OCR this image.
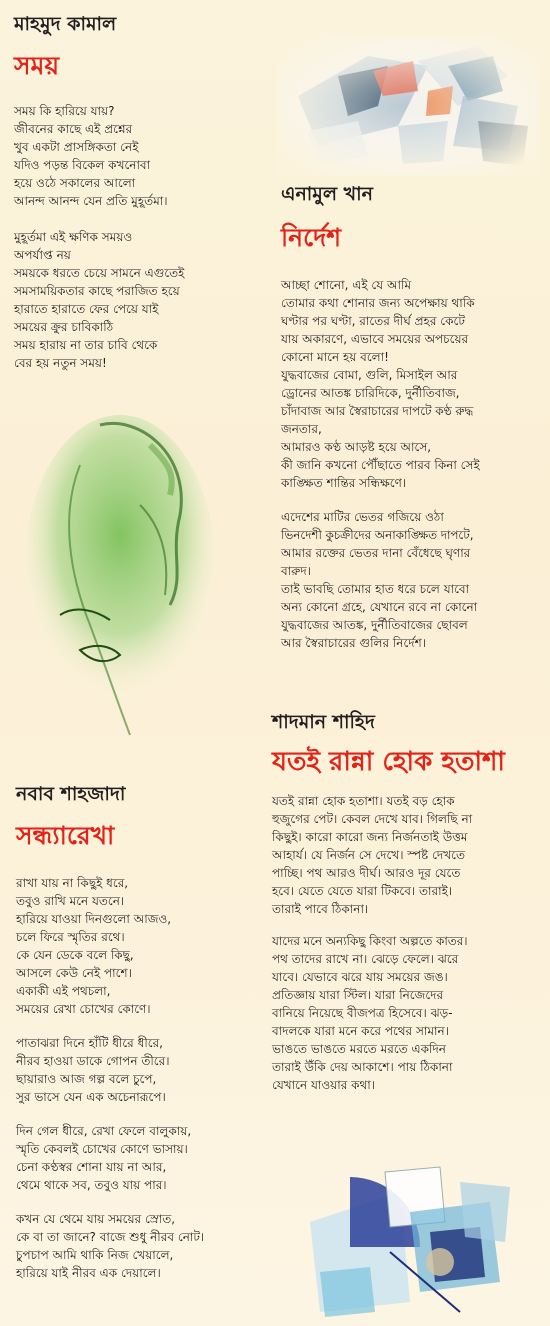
মাহমুদ কামাল
সময়

সময় কি হারিয়ে যায়?
জীবনের কাছে এই প্রশ্নের
খুব একটা প্রাসঙ্গিকতা নেই
যদিও পড়ন্ত বিকেল কখনোবা
হয়ে ওঠে সকালের আলো
আনন্দ আনন্দ যেন প্রতি মুহূর্তমা।

মুহূর্তমা এই ক্ষণিক সময়ও
অপর্যাপ্ত নয়
সময়কে ধরতে চেয়ে সামনে এগুতেই
সমসাময়িকতার কাছে পরাজিত হয়ে
হারাতে হারাতে ফের পেয়ে যাই
সময়ের ক্রুর চাবিকাঠি
সময় হারায় না তার চাবি থেকে
বের হয় নতুন সময়!

এনামুল খান
নির্দেশ

আচ্ছা শোনো, এই যে আমি
তোমার কথা শোনার জন্য অপেক্ষায় থাকি
ঘণ্টার পর ঘণ্টা, রাতের দীর্ঘ প্রহর কেটে
যায় অকারণে, এভাবে সময়ের অপচয়ের
কোনো মানে হয় বলো!
যুদ্ধবাজের বোমা, গুলি, মিসাইল আর
ড্রোনের আতঙ্ক চারিদিকে, দুর্নীতিবাজ,
চাঁদাবাজ আর স্বৈরাচারের দাপটে কণ্ঠ রুদ্ধ
জনতার,
আমারও কণ্ঠ আড়ষ্ট হয়ে আসে,
কী জানি কখনো পৌঁছাতে পারব কিনা সেই
কাঙ্ক্ষিত শান্তির সন্ধিক্ষণে।

এদেশের মাটির ভেতর গজিয়ে ওঠা
ভিনদেশী কুচক্রীদের অনাকাঙ্ক্ষিত দাপটে,
আমার রক্তের ভেতর দানা বেঁধেছে ঘৃণার
বারুদ।
তাই ভাবছি তোমার হাত ধরে চলে যাবো
অন্য কোনো গ্রহে, যেখানে রবে না কোনো
যুদ্ধবাজের আতঙ্ক, দুর্নীতিবাজের ছোবল
আর স্বৈরাচারের গুলির নির্দেশ।

শাদমান শাহিদ
যতই রান্না হোক হতাশা

যতই রান্না হোক হতাশা। যতই বড় হোক
হুজুগের পেট। কেবল দেখে যাব। গিলছি না
কিছুই। কারো কারো জন্য নির্জনতাই উত্তম
আহার্য। যে নির্জন সে দেখে। স্পষ্ট দেখতে
পাচ্ছি। পথ আরও দীর্ঘ। আরও দূর যেতে
হবে। যেতে যেতে যারা টিকবে। তারাই।
তারাই পাবে ঠিকানা।

যাদের মনে অন্যকিছু কিংবা অল্পতে কাতর।
পথ তাদের রাখে না। ঝেড়ে ফেলে। ঝরে
যাবে। যেভাবে ঝরে যায় সময়ের জঙ।
প্রতিজ্ঞায় যারা স্টিল। যারা নিজেদের
বানিয়ে নিয়েছে বীজপত্র হিসেবে। ঝড়-
বাদলকে যারা মনে করে পথের সামান।
ভাঙতে ভাঙতে মরতে মরতে একদিন
তারাই উঁকি দেয় আকাশে। পায় ঠিকানা
যেখানে যাওয়ার কথা।

নবাব শাহজাদা
সন্ধ্যারেখা

রাখা যায় না কিছুই ধরে,
তবুও রাখি মনে যতনে।
হারিয়ে যাওয়া দিনগুলো আজও,
চলে ফিরে স্মৃতির রথে।
কে যেন ডেকে বলে কিছু,
আসলে কেউ নেই পাশে।
একাকী এই পথচলা,
সময়ের রেখা চোখের কোণে।

পাতাঝরা দিনে হাঁটি ধীরে ধীরে,
নীরব হাওয়া ডাকে গোপন তীরে।
ছায়ারাও আজ গল্প বলে চুপে,
সুর ভাসে যেন এক অচেনারূপে।

দিন গেল ধীরে, রেখা ফেলে বালুকায়,
স্মৃতি কেবলই চোখের কোণে ভাসায়।
চেনা কণ্ঠস্বর শোনা যায় না আর,
থেমে থাকে সব, তবুও যায় পার।

কখন যে থেমে যায় সময়ের স্রোত,
কে বা তা জানে? বাজে শুধু নীরব নোট।
চুপচাপ আমি থাকি নিজ খেয়ালে,
হারিয়ে যাই নীরব এক দেয়ালে।
